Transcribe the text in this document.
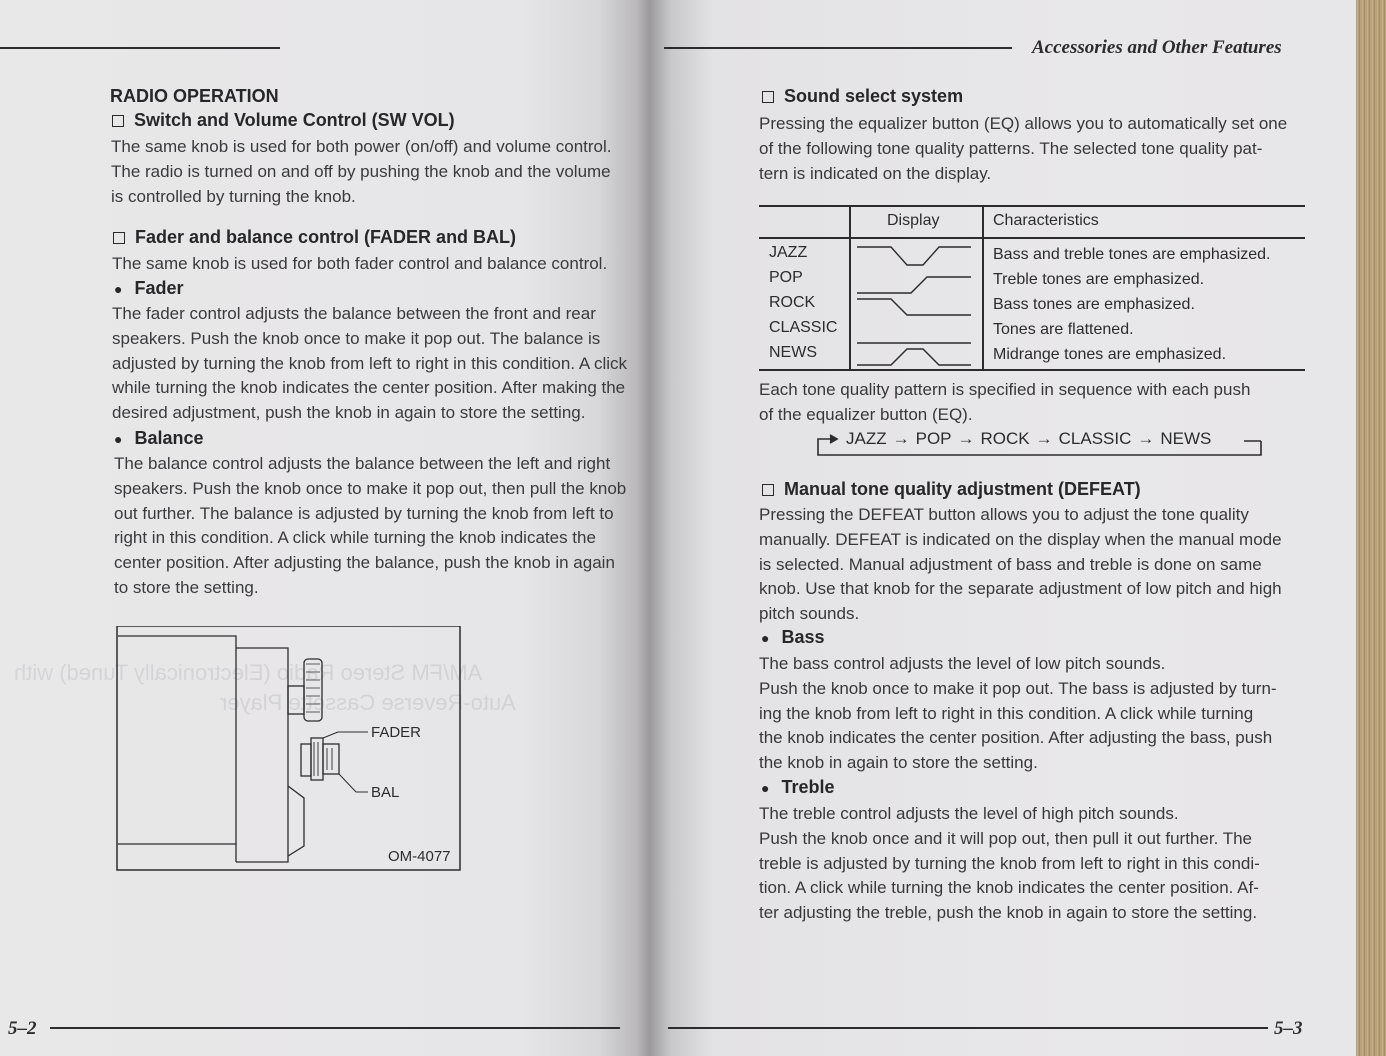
RADIO OPERATION
Switch and Volume Control (SW VOL)
The same knob is used for both power (on/off) and volume control.
The radio is turned on and off by pushing the knob and the volume
is controlled by turning the knob.
Fader and balance control (FADER and BAL)
The same knob is used for both fader control and balance control.
● Fader
The fader control adjusts the balance between the front and rear
speakers. Push the knob once to make it pop out. The balance is
adjusted by turning the knob from left to right in this condition. A click
while turning the knob indicates the center position. After making the
desired adjustment, push the knob in again to store the setting.
● Balance
The balance control adjusts the balance between the left and right
speakers. Push the knob once to make it pop out, then pull the knob
out further. The balance is adjusted by turning the knob from left to
right in this condition. A click while turning the knob indicates the
center position. After adjusting the balance, push the knob in again
to store the setting.
FADER
BAL
OM-4077
AM/FM Stereo Radio (Electronically Tuned) with
Auto-Reverse Cassette Player
5–2
Accessories and Other Features
Sound select system
Pressing the equalizer button (EQ) allows you to automatically set one
of the following tone quality patterns. The selected tone quality pat-
tern is indicated on the display.
Display	Characteristics
JAZZ	Bass and treble tones are emphasized.
POP	Treble tones are emphasized.
ROCK	Bass tones are emphasized.
CLASSIC	Tones are flattened.
NEWS	Midrange tones are emphasized.
Each tone quality pattern is specified in sequence with each push
of the equalizer button (EQ).
JAZZ → POP → ROCK → CLASSIC → NEWS
Manual tone quality adjustment (DEFEAT)
Pressing the DEFEAT button allows you to adjust the tone quality
manually. DEFEAT is indicated on the display when the manual mode
is selected. Manual adjustment of bass and treble is done on same
knob. Use that knob for the separate adjustment of low pitch and high
pitch sounds.
● Bass
The bass control adjusts the level of low pitch sounds.
Push the knob once to make it pop out. The bass is adjusted by turn-
ing the knob from left to right in this condition. A click while turning
the knob indicates the center position. After adjusting the bass, push
the knob in again to store the setting.
● Treble
The treble control adjusts the level of high pitch sounds.
Push the knob once and it will pop out, then pull it out further. The
treble is adjusted by turning the knob from left to right in this condi-
tion. A click while turning the knob indicates the center position. Af-
ter adjusting the treble, push the knob in again to store the setting.
5–3
